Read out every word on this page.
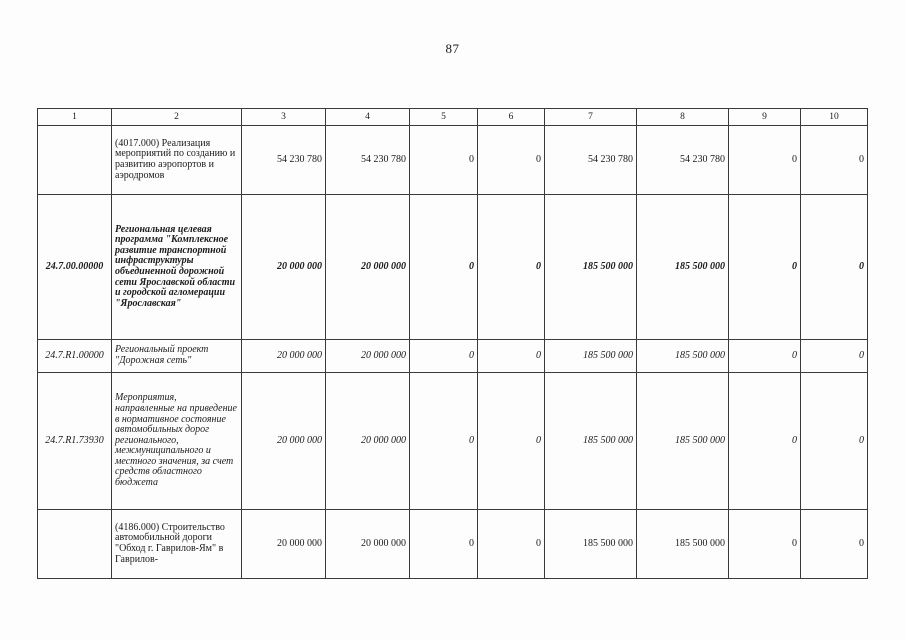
87
1	2	3	4	5	6	7	8	9	10
	(4017.000) Реализация мероприятий по созданию и развитию аэропортов и аэродромов	54 230 780	54 230 780	0	0	54 230 780	54 230 780	0	0
24.7.00.00000	Региональная целевая программа "Комплексное развитие транспортной инфраструктуры объединенной дорожной сети Ярославской области и городской агломерации "Ярославская"	20 000 000	20 000 000	0	0	185 500 000	185 500 000	0	0
24.7.R1.00000	Региональный проект "Дорожная сеть"	20 000 000	20 000 000	0	0	185 500 000	185 500 000	0	0
24.7.R1.73930	Мероприятия, направленные на приведение в нормативное состояние автомобильных дорог регионального, межмуниципального и местного значения, за счет средств областного бюджета	20 000 000	20 000 000	0	0	185 500 000	185 500 000	0	0
	(4186.000) Строительство автомобильной дороги "Обход г. Гаврилов-Ям" в Гаврилов-	20 000 000	20 000 000	0	0	185 500 000	185 500 000	0	0
